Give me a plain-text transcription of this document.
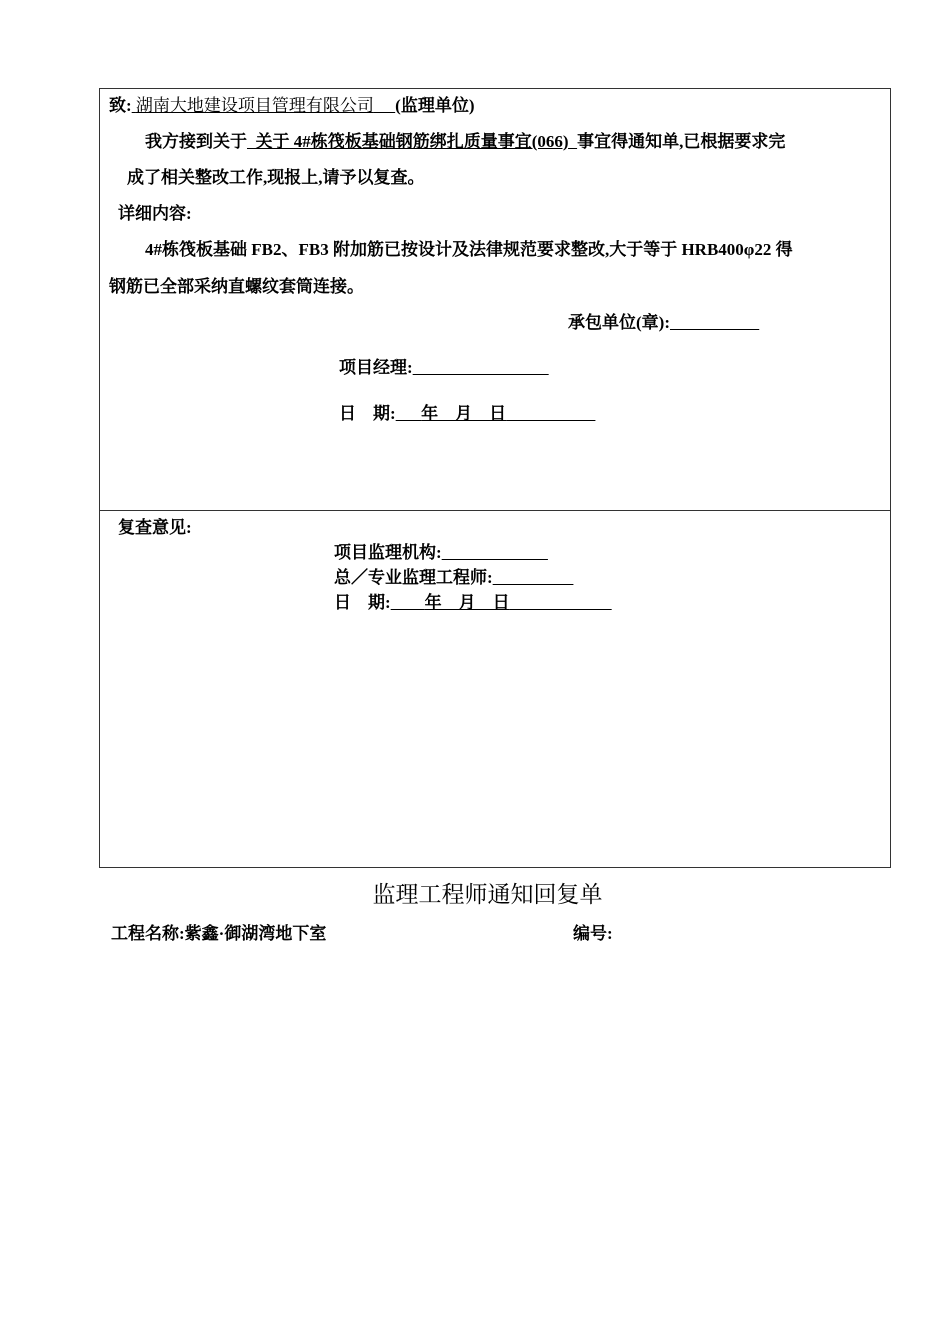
致: 湖南大地建设项目管理有限公司 (监理单位)
我方接到关于 关于 4#栋筏板基础钢筋绑扎质量事宜(066) 事宜得通知单,已根据要求完
成了相关整改工作,现报上,请予以复查。
详细内容:
4#栋筏板基础 FB2、FB3 附加筋已按设计及法律规范要求整改,大于等于 HRB400φ22 得
钢筋已全部采纳直螺纹套筒连接。
承包单位(章):
项目经理:
日　期: 年　月　日
复查意见:
项目监理机构:
总／专业监理工程师:
日　期: 年　月　日
监理工程师通知回复单
工程名称:紫鑫·御湖湾地下室	编号:
